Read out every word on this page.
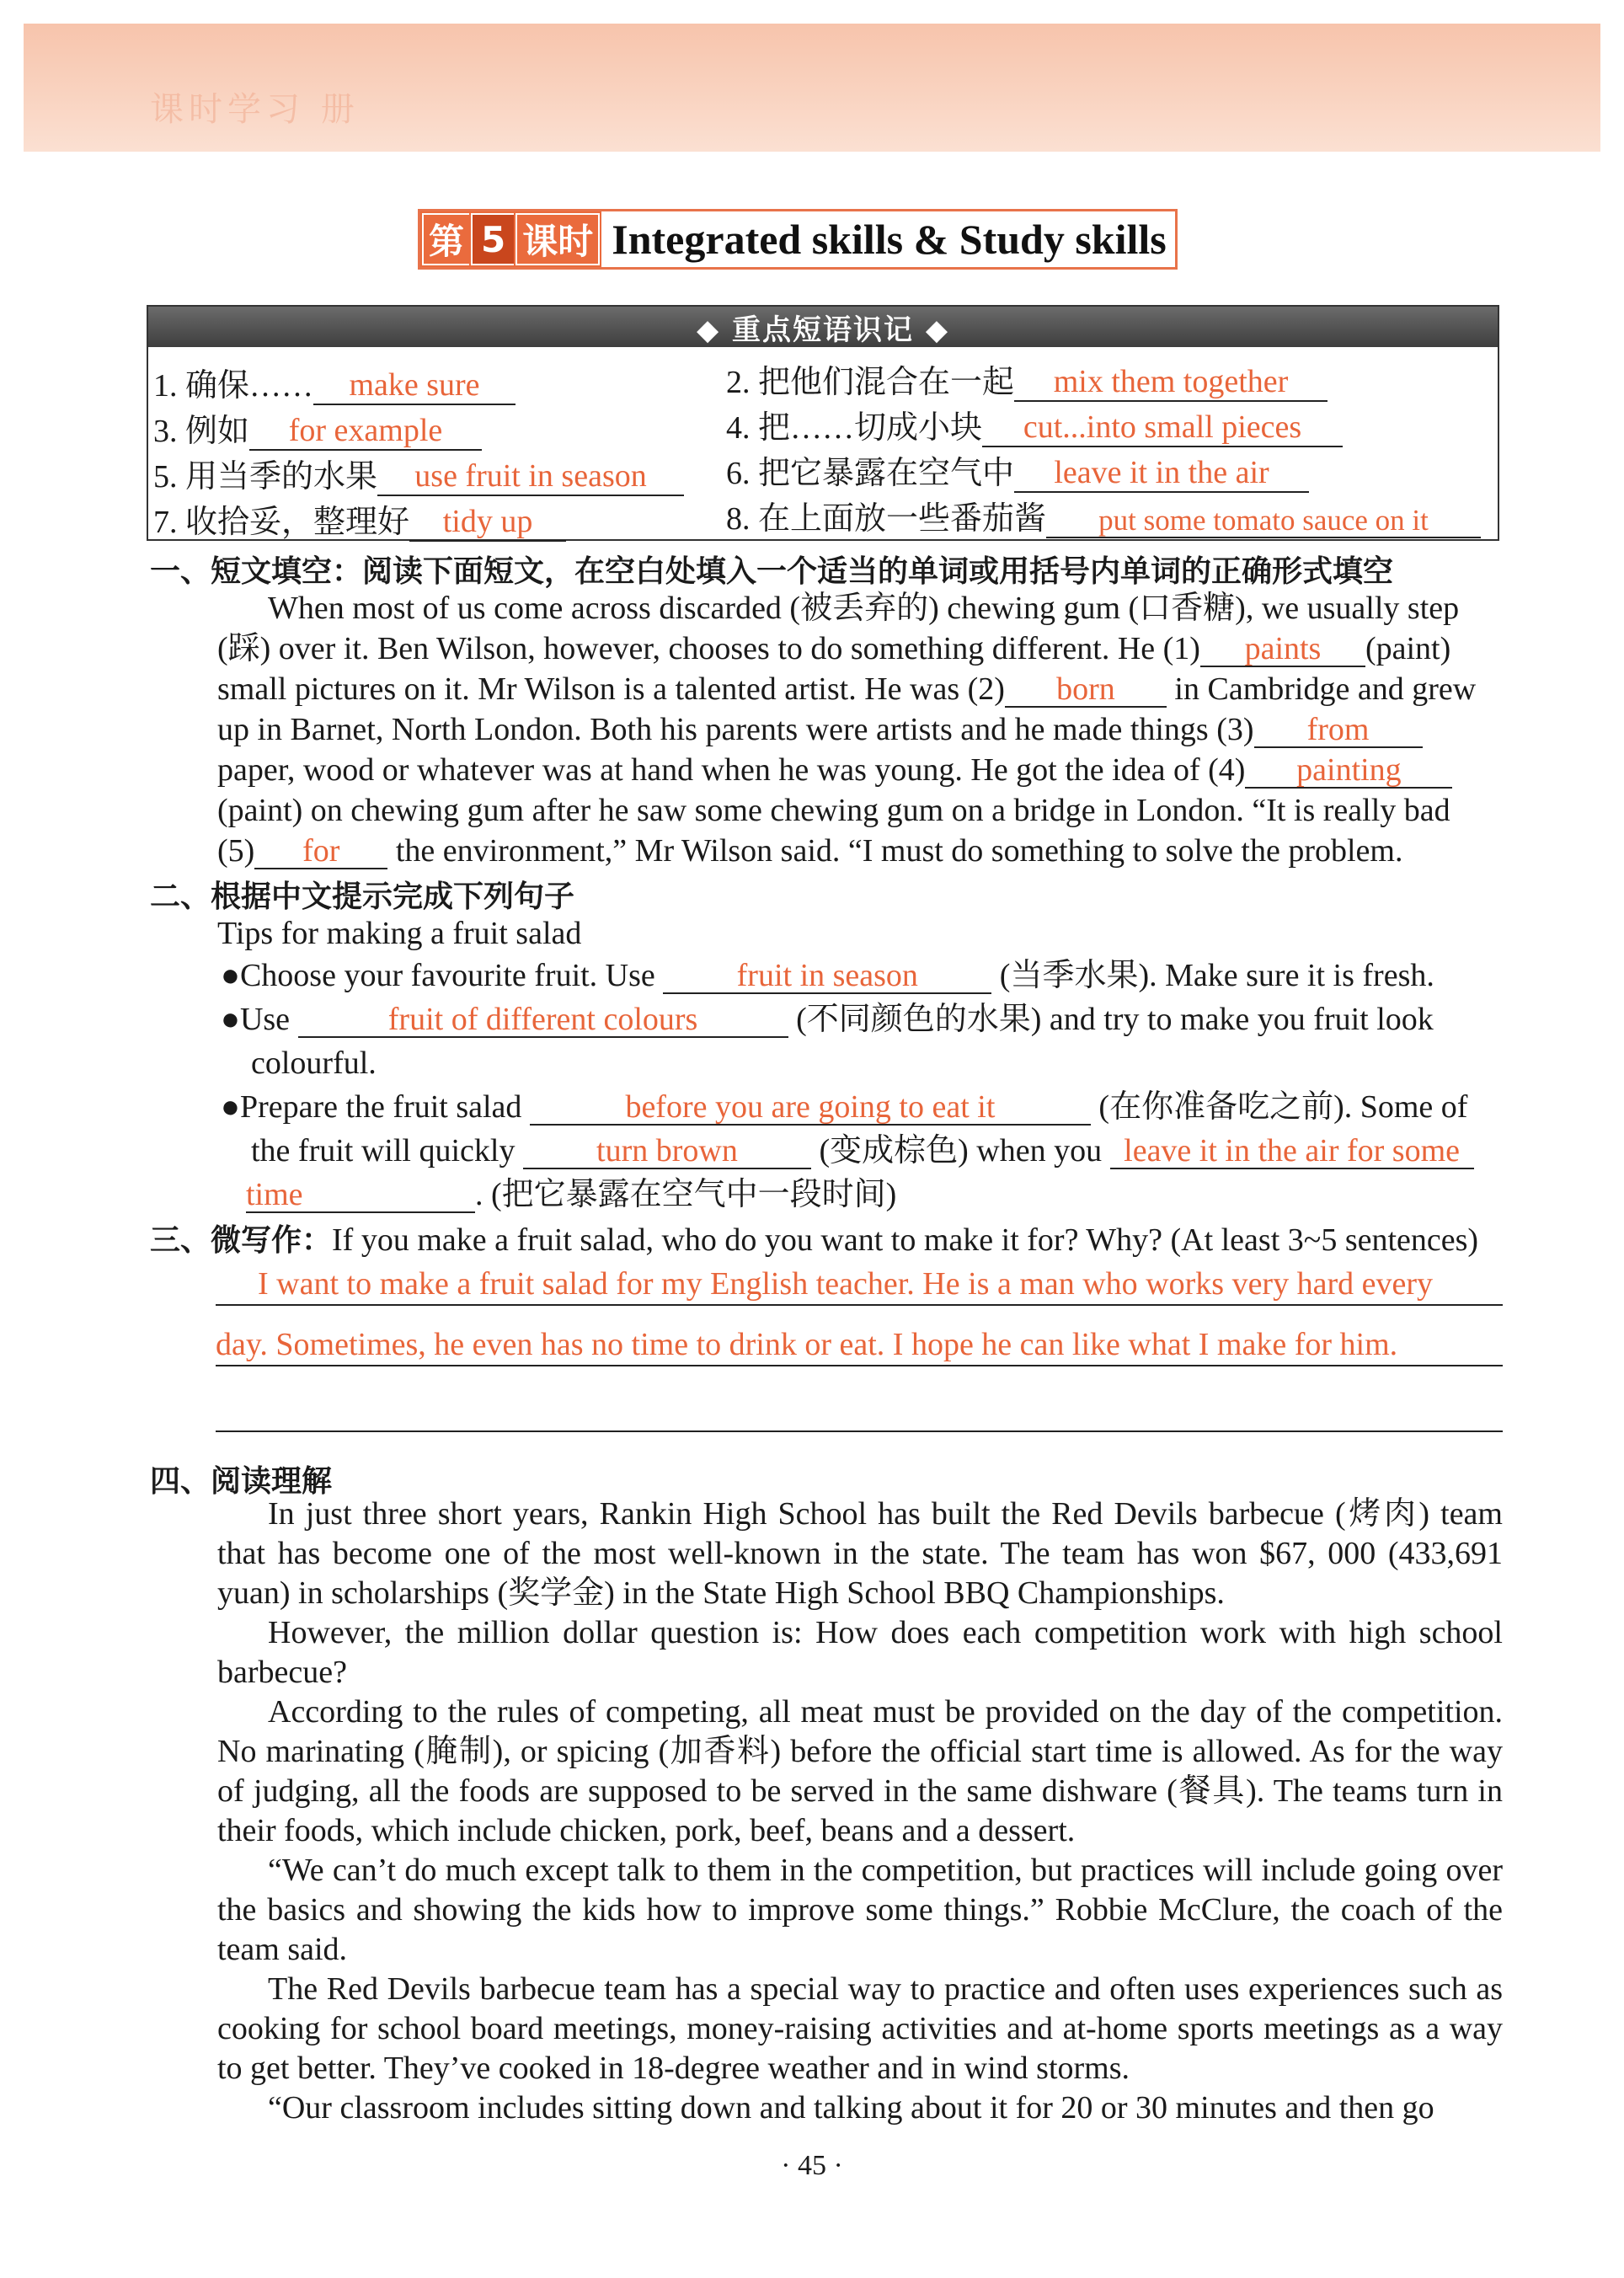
课时学习 册
第 5 课时 Integrated skills & Study skills
◆ 重点短语识记 ◆
1. 确保……	make sure	2. 把他们混合在一起	mix them together
3. 例如	for example	4. 把……切成小块	cut...into small pieces
5. 用当季的水果	use fruit in season	6. 把它暴露在空气中	leave it in the air
7. 收拾妥，整理好	tidy up	8. 在上面放一些番茄酱	put some tomato sauce on it
一、短文填空：阅读下面短文，在空白处填入一个适当的单词或用括号内单词的正确形式填空
When most of us come across discarded (被丢弃的) chewing gum (口香糖), we usually step
(踩) over it. Ben Wilson, however, chooses to do something different. He (1) paints (paint)
small pictures on it. Mr Wilson is a talented artist. He was (2) born in Cambridge and grew
up in Barnet, North London. Both his parents were artists and he made things (3) from
paper, wood or whatever was at hand when he was young. He got the idea of (4) painting
(paint) on chewing gum after he saw some chewing gum on a bridge in London. “It is really bad
(5) for the environment,” Mr Wilson said. “I must do something to solve the problem.
二、根据中文提示完成下列句子
Tips for making a fruit salad
●Choose your favourite fruit. Use	fruit in season	(当季水果). Make sure it is fresh.
●Use	fruit of different colours	(不同颜色的水果) and try to make you fruit look
colourful.
●Prepare the fruit salad	before you are going to eat it	(在你准备吃之前). Some of
the fruit will quickly	turn brown	(变成棕色) when you leave it in the air for some
time	. (把它暴露在空气中一段时间)
三、微写作：If you make a fruit salad, who do you want to make it for? Why? (At least 3~5 sentences)
I want to make a fruit salad for my English teacher. He is a man who works very hard every
day. Sometimes, he even has no time to drink or eat. I hope he can like what I make for him.
四、阅读理解

In just three short years, Rankin High School has built the Red Devils barbecue (烤肉) team that has become one of the most well-known in the state. The team has won $67, 000 (433,691 yuan) in scholarships (奖学金) in the State High School BBQ Championships.

However, the million dollar question is: How does each competition work with high school barbecue?

According to the rules of competing, all meat must be provided on the day of the competition. No marinating (腌制), or spicing (加香料) before the official start time is allowed. As for the way of judging, all the foods are supposed to be served in the same dishware (餐具). The teams turn in their foods, which include chicken, pork, beef, beans and a dessert.

“We can’t do much except talk to them in the competition, but practices will include going over the basics and showing the kids how to improve some things.” Robbie McClure, the coach of the team said.

The Red Devils barbecue team has a special way to practice and often uses experiences such as cooking for school board meetings, money-raising activities and at-home sports meetings as a way to get better. They’ve cooked in 18-degree weather and in wind storms.

“Our classroom includes sitting down and talking about it for 20 or 30 minutes and then go

· 45 ·
